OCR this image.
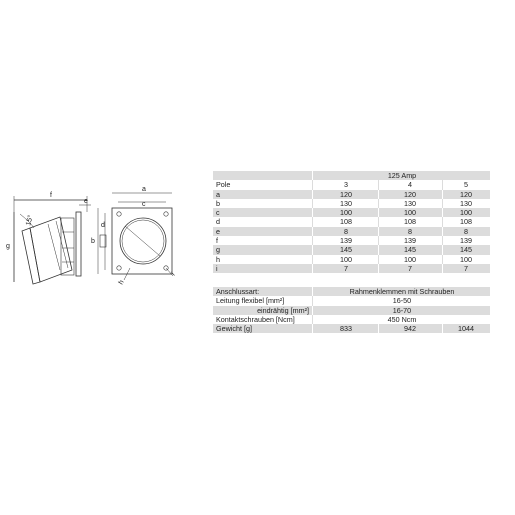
f
e
g
15°
a
c
b
d
h
i
125 Amp
Pole	3	4	5
a	120	120	120
b	130	130	130
c	100	100	100
d	108	108	108
e	8	8	8
f	139	139	139
g	145	145	145
h	100	100	100
i	7	7	7
Anschlussart:	Rahmenklemmen mit Schrauben
Leitung flexibel [mm²]	16-50
eindrähtig [mm²]	16-70
Kontaktschrauben [Ncm]	450 Ncm
Gewicht [g]	833	942	1044
